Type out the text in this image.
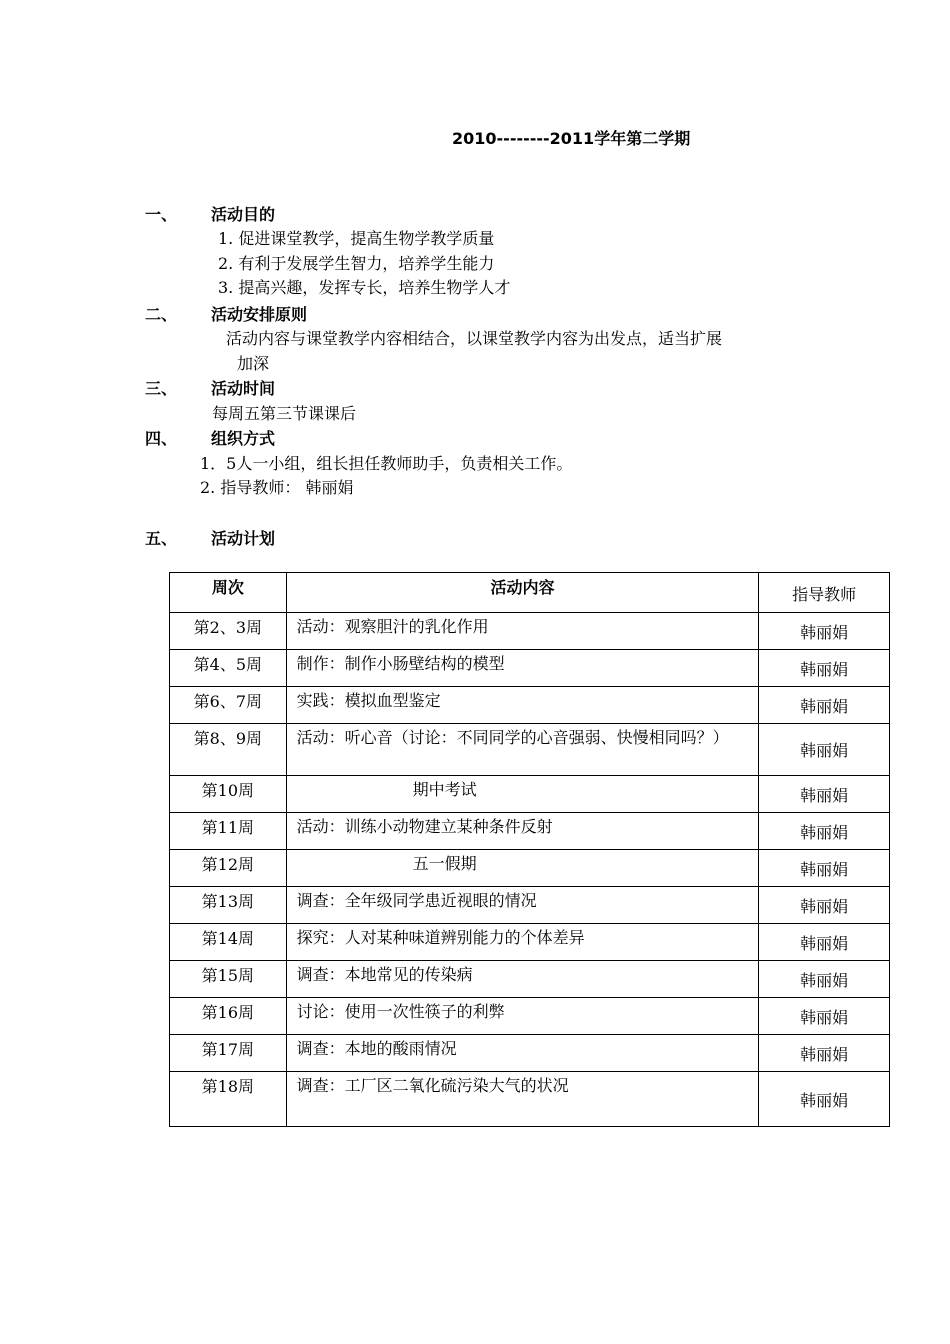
2010--------2011学年第二学期
一、 活动目的
1. 促进课堂教学，提高生物学教学质量
2. 有利于发展学生智力，培养学生能力
3. 提高兴趣，发挥专长，培养生物学人才
二、 活动安排原则
活动内容与课堂教学内容相结合，以课堂教学内容为出发点，适当扩展
加深
三、 活动时间
每周五第三节课课后
四、 组织方式
1．5人一小组，组长担任教师助手，负责相关工作。
2. 指导教师： 韩丽娟
五、 活动计划
周次	活动内容	指导教师
第2、3周	活动：观察胆汁的乳化作用	韩丽娟
第4、5周	制作：制作小肠壁结构的模型	韩丽娟
第6、7周	实践：模拟血型鉴定	韩丽娟
第8、9周	活动：听心音（讨论：不同同学的心音强弱、快慢相同吗？）	韩丽娟
第10周	期中考试	韩丽娟
第11周	活动：训练小动物建立某种条件反射	韩丽娟
第12周	五一假期	韩丽娟
第13周	调查：全年级同学患近视眼的情况	韩丽娟
第14周	探究：人对某种味道辨别能力的个体差异	韩丽娟
第15周	调查：本地常见的传染病	韩丽娟
第16周	讨论：使用一次性筷子的利弊	韩丽娟
第17周	调查：本地的酸雨情况	韩丽娟
第18周	调查：工厂区二氧化硫污染大气的状况	韩丽娟
